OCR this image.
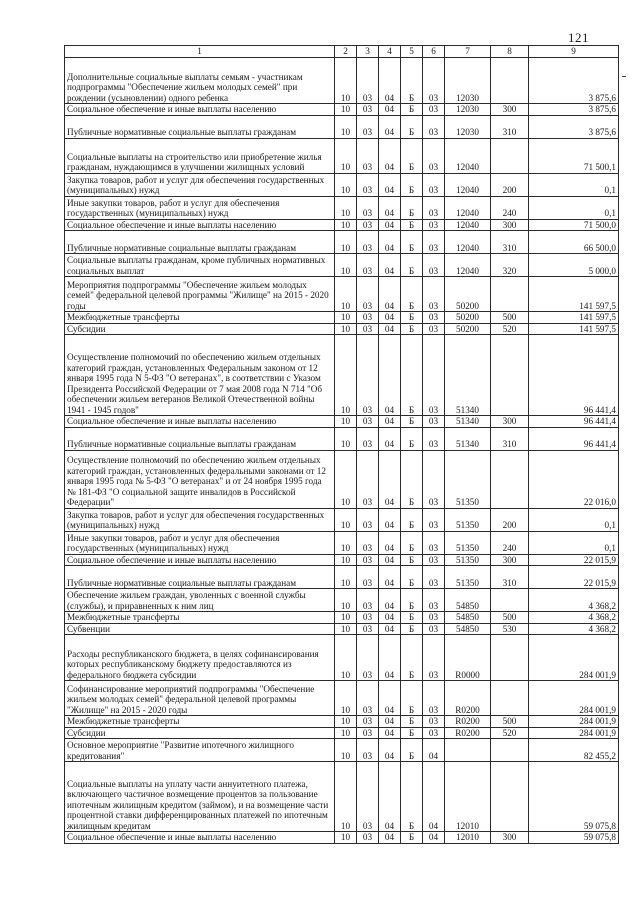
121
1	2	3	4	5	6	7	8	9
Дополнительные социальные выплаты семьям - участникам подпрограммы "Обеспечение жильем молодых семей" при рождении (усыновлении) одного ребенка	10	03	04	Б	03	12030		3 875,6
Социальное обеспечение и иные выплаты населению	10	03	04	Б	03	12030	300	3 875,6
Публичные нормативные социальные выплаты гражданам	10	03	04	Б	03	12030	310	3 875,6
Социальные выплаты на строительство или приобретение жилья гражданам, нуждающимся в улучшении жилищных условий	10	03	04	Б	03	12040		71 500,1
Закупка товаров, работ и услуг для обеспечения государственных (муниципальных) нужд	10	03	04	Б	03	12040	200	0,1
Иные закупки товаров, работ и услуг для обеспечения государственных (муниципальных) нужд	10	03	04	Б	03	12040	240	0,1
Социальное обеспечение и иные выплаты населению	10	03	04	Б	03	12040	300	71 500,0
Публичные нормативные социальные выплаты гражданам	10	03	04	Б	03	12040	310	66 500,0
Социальные выплаты гражданам, кроме публичных нормативных социальных выплат	10	03	04	Б	03	12040	320	5 000,0
Мероприятия подпрограммы "Обеспечение жильем молодых семей" федеральной целевой программы "Жилище" на 2015 - 2020 годы	10	03	04	Б	03	50200		141 597,5
Межбюджетные трансферты	10	03	04	Б	03	50200	500	141 597,5
Субсидии	10	03	04	Б	03	50200	520	141 597,5
Осуществление полномочий по обеспечению жильем отдельных категорий граждан, установленных Федеральным законом от 12 января 1995 года N 5-ФЗ "О ветеранах", в соответствии с Указом Президента Российской Федерации от 7 мая 2008 года N 714 "Об обеспечении жильем ветеранов Великой Отечественной войны 1941 - 1945 годов"	10	03	04	Б	03	51340		96 441,4
Социальное обеспечение и иные выплаты населению	10	03	04	Б	03	51340	300	96 441,4
Публичные нормативные социальные выплаты гражданам	10	03	04	Б	03	51340	310	96 441,4
Осуществление полномочий по обеспечению жильем отдельных категорий граждан, установленных федеральными законами от 12 января 1995 года № 5-ФЗ "О ветеранах" и от 24 ноября 1995 года № 181-ФЗ "О социальной защите инвалидов в Российской Федерации"	10	03	04	Б	03	51350		22 016,0
Закупка товаров, работ и услуг для обеспечения государственных (муниципальных) нужд	10	03	04	Б	03	51350	200	0,1
Иные закупки товаров, работ и услуг для обеспечения государственных (муниципальных) нужд	10	03	04	Б	03	51350	240	0,1
Социальное обеспечение и иные выплаты населению	10	03	04	Б	03	51350	300	22 015,9
Публичные нормативные социальные выплаты гражданам	10	03	04	Б	03	51350	310	22 015,9
Обеспечение жильем граждан, уволенных с военной службы (службы), и приравненных к ним лиц	10	03	04	Б	03	54850		4 368,2
Межбюджетные трансферты	10	03	04	Б	03	54850	500	4 368,2
Субвенции	10	03	04	Б	03	54850	530	4 368,2
Расходы республиканского бюджета, в целях софинансирования которых республиканскому бюджету предоставляются из федерального бюджета субсидии	10	03	04	Б	03	R0000		284 001,9
Софинансирование мероприятий подпрограммы "Обеспечение жильем молодых семей" федеральной целевой программы "Жилище" на 2015 - 2020 годы	10	03	04	Б	03	R0200		284 001,9
Межбюджетные трансферты	10	03	04	Б	03	R0200	500	284 001,9
Субсидии	10	03	04	Б	03	R0200	520	284 001,9
Основное мероприятие "Развитие ипотечного жилищного кредитования"	10	03	04	Б	04			82 455,2
Социальные выплаты на уплату части аннуитетного платежа, включающего частичное возмещение процентов за пользование ипотечным жилищным кредитом (займом), и на возмещение части процентной ставки дифференцированных платежей по ипотечным жилищным кредитам	10	03	04	Б	04	12010		59 075,8
Социальное обеспечение и иные выплаты населению	10	03	04	Б	04	12010	300	59 075,8
